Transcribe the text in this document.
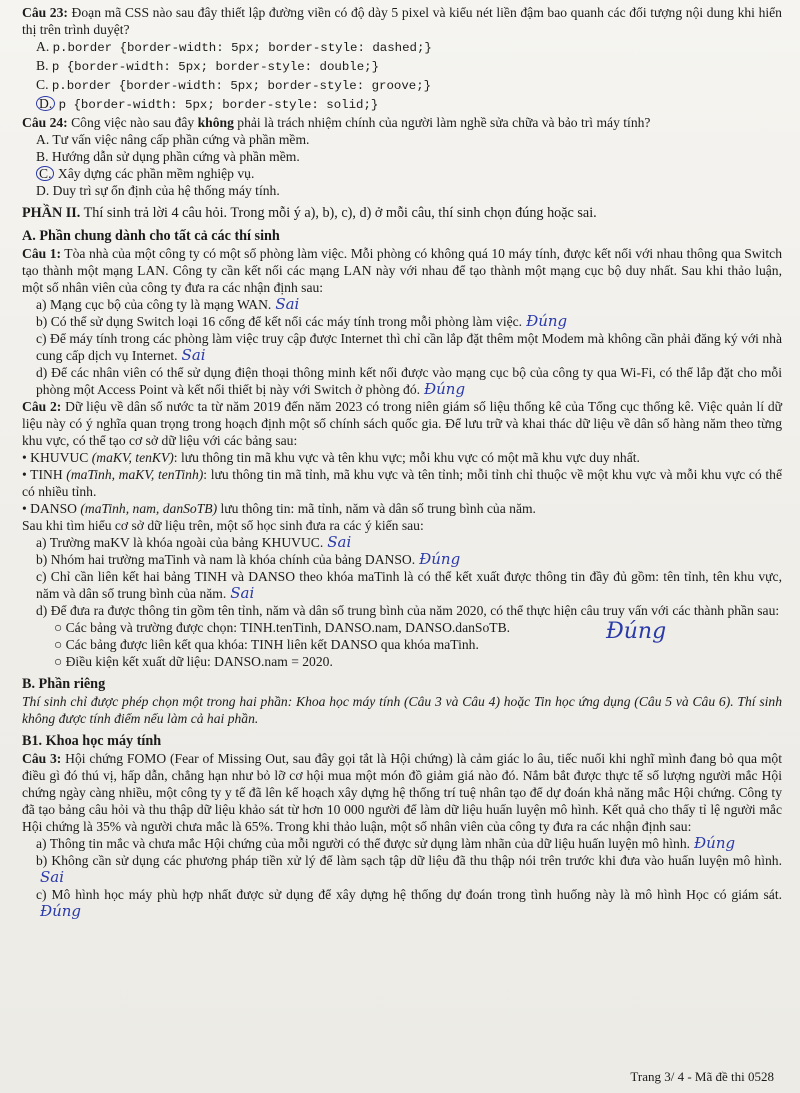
Câu 23: Đoạn mã CSS nào sau đây thiết lập đường viền có độ dày 5 pixel và kiểu nét liền đậm bao quanh các đối tượng nội dung khi hiển thị trên trình duyệt?

A. p.border {border-width: 5px; border-style: dashed;}

B. p {border-width: 5px; border-style: double;}

C. p.border {border-width: 5px; border-style: groove;}

D. p {border-width: 5px; border-style: solid;}

Câu 24: Công việc nào sau đây không phải là trách nhiệm chính của người làm nghề sửa chữa và bảo trì máy tính?

A. Tư vấn việc nâng cấp phần cứng và phần mềm.

B. Hướng dẫn sử dụng phần cứng và phần mềm.

C. Xây dựng các phần mềm nghiệp vụ.

D. Duy trì sự ổn định của hệ thống máy tính.

PHẦN II. Thí sinh trả lời 4 câu hỏi. Trong mỗi ý a), b), c), d) ở mỗi câu, thí sinh chọn đúng hoặc sai.

A. Phần chung dành cho tất cả các thí sinh

Câu 1: Tòa nhà của một công ty có một số phòng làm việc. Mỗi phòng có không quá 10 máy tính, được kết nối với nhau thông qua Switch tạo thành một mạng LAN. Công ty cần kết nối các mạng LAN này với nhau để tạo thành một mạng cục bộ duy nhất. Sau khi thảo luận, một số nhân viên của công ty đưa ra các nhận định sau:

a) Mạng cục bộ của công ty là mạng WAN. Sai

b) Có thể sử dụng Switch loại 16 cổng để kết nối các máy tính trong mỗi phòng làm việc. Đúng

c) Để máy tính trong các phòng làm việc truy cập được Internet thì chỉ cần lắp đặt thêm một Modem mà không cần phải đăng ký với nhà cung cấp dịch vụ Internet. Sai

d) Để các nhân viên có thể sử dụng điện thoại thông minh kết nối được vào mạng cục bộ của công ty qua Wi-Fi, có thể lắp đặt cho mỗi phòng một Access Point và kết nối thiết bị này với Switch ở phòng đó. Đúng

Câu 2: Dữ liệu về dân số nước ta từ năm 2019 đến năm 2023 có trong niên giám số liệu thống kê của Tổng cục thống kê. Việc quản lí dữ liệu này có ý nghĩa quan trọng trong hoạch định một số chính sách quốc gia. Để lưu trữ và khai thác dữ liệu về dân số hàng năm theo từng khu vực, có thể tạo cơ sở dữ liệu với các bảng sau:

• KHUVUC (maKV, tenKV): lưu thông tin mã khu vực và tên khu vực; mỗi khu vực có một mã khu vực duy nhất.

• TINH (maTinh, maKV, tenTinh): lưu thông tin mã tỉnh, mã khu vực và tên tỉnh; mỗi tỉnh chỉ thuộc về một khu vực và mỗi khu vực có thể có nhiều tỉnh.

• DANSO (maTinh, nam, danSoTB) lưu thông tin: mã tỉnh, năm và dân số trung bình của năm.

Sau khi tìm hiểu cơ sở dữ liệu trên, một số học sinh đưa ra các ý kiến sau:

a) Trường maKV là khóa ngoài của bảng KHUVUC. Sai

b) Nhóm hai trường maTinh và nam là khóa chính của bảng DANSO. Đúng

c) Chỉ cần liên kết hai bảng TINH và DANSO theo khóa maTinh là có thể kết xuất được thông tin đầy đủ gồm: tên tỉnh, tên khu vực, năm và dân số trung bình của năm. Sai

d) Để đưa ra được thông tin gồm tên tỉnh, năm và dân số trung bình của năm 2020, có thể thực hiện câu truy vấn với các thành phần sau:

○ Các bảng và trường được chọn: TINH.tenTinh, DANSO.nam, DANSO.danSoTB.

○ Các bảng được liên kết qua khóa: TINH liên kết DANSO qua khóa maTinh.

○ Điều kiện kết xuất dữ liệu: DANSO.nam = 2020.

Đúng

B. Phần riêng

Thí sinh chỉ được phép chọn một trong hai phần: Khoa học máy tính (Câu 3 và Câu 4) hoặc Tin học ứng dụng (Câu 5 và Câu 6). Thí sinh không được tính điểm nếu làm cả hai phần.

B1. Khoa học máy tính

Câu 3: Hội chứng FOMO (Fear of Missing Out, sau đây gọi tắt là Hội chứng) là cảm giác lo âu, tiếc nuối khi nghĩ mình đang bỏ qua một điều gì đó thú vị, hấp dẫn, chẳng hạn như bỏ lỡ cơ hội mua một món đồ giảm giá nào đó. Nắm bắt được thực tế số lượng người mắc Hội chứng ngày càng nhiều, một công ty y tế đã lên kế hoạch xây dựng hệ thống trí tuệ nhân tạo để dự đoán khả năng mắc Hội chứng. Công ty đã tạo bảng câu hỏi và thu thập dữ liệu khảo sát từ hơn 10 000 người để làm dữ liệu huấn luyện mô hình. Kết quả cho thấy tỉ lệ người mắc Hội chứng là 35% và người chưa mắc là 65%. Trong khi thảo luận, một số nhân viên của công ty đưa ra các nhận định sau:

a) Thông tin mắc và chưa mắc Hội chứng của mỗi người có thể được sử dụng làm nhãn của dữ liệu huấn luyện mô hình. Đúng

b) Không cần sử dụng các phương pháp tiền xử lý để làm sạch tập dữ liệu đã thu thập nói trên trước khi đưa vào huấn luyện mô hình.Sai

c) Mô hình học máy phù hợp nhất được sử dụng để xây dựng hệ thống dự đoán trong tình huống này là mô hình Học có giám sát.Đúng

Trang 3/ 4 - Mã đề thi 0528
